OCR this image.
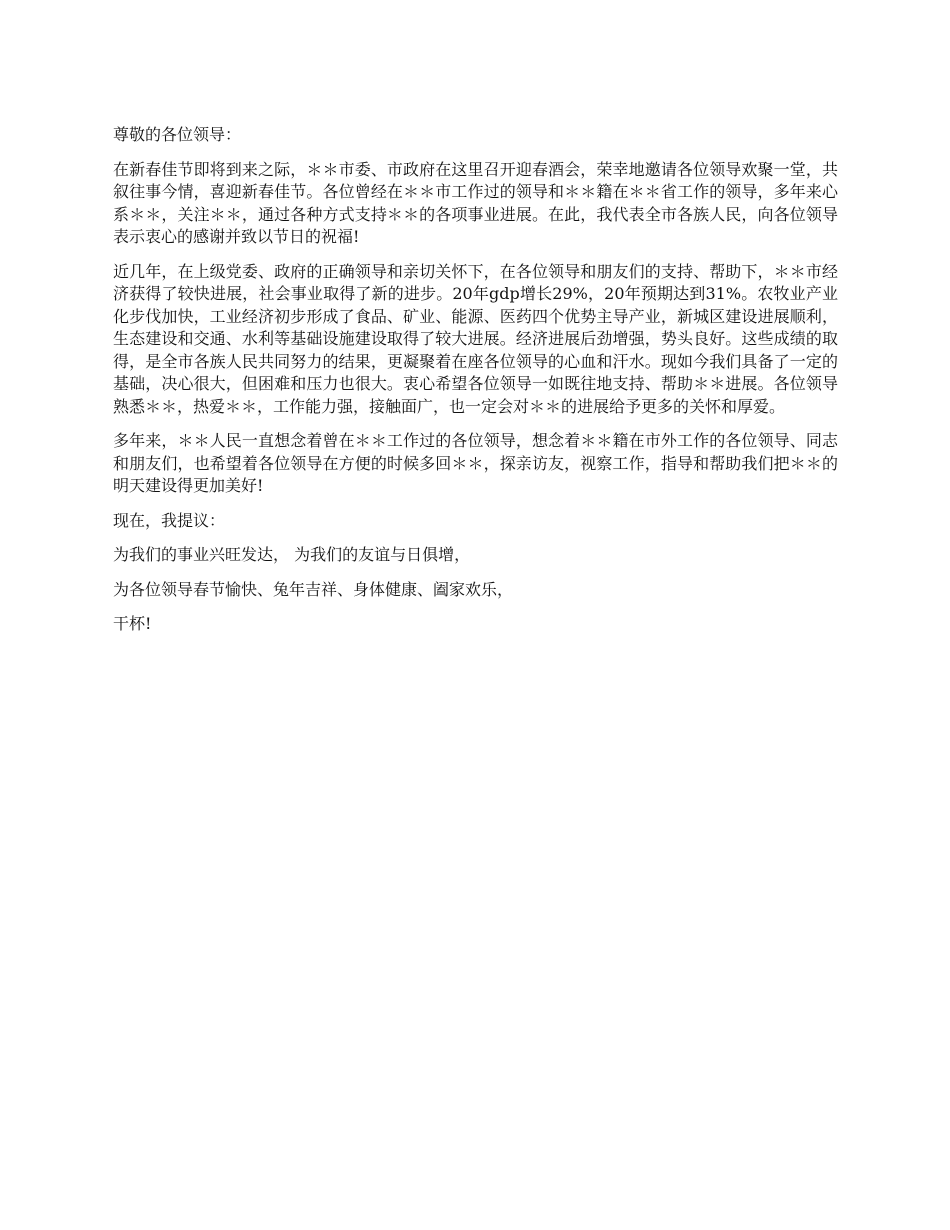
尊敬的各位领导：

在新春佳节即将到来之际，＊＊市委、市政府在这里召开迎春酒会，荣幸地邀请各位领导欢聚一堂，共叙往事今情，喜迎新春佳节。各位曾经在＊＊市工作过的领导和＊＊籍在＊＊省工作的领导，多年来心系＊＊，关注＊＊，通过各种方式支持＊＊的各项事业进展。在此，我代表全市各族人民，向各位领导表示衷心的感谢并致以节日的祝福!

近几年，在上级党委、政府的正确领导和亲切关怀下，在各位领导和朋友们的支持、帮助下，＊＊市经济获得了较快进展，社会事业取得了新的进步。20年gdp增长29%，20年预期达到31%。农牧业产业化步伐加快，工业经济初步形成了食品、矿业、能源、医药四个优势主导产业，新城区建设进展顺利，生态建设和交通、水利等基础设施建设取得了较大进展。经济进展后劲增强，势头良好。这些成绩的取得，是全市各族人民共同努力的结果，更凝聚着在座各位领导的心血和汗水。现如今我们具备了一定的基础，决心很大，但困难和压力也很大。衷心希望各位领导一如既往地支持、帮助＊＊进展。各位领导熟悉＊＊，热爱＊＊，工作能力强，接触面广，也一定会对＊＊的进展给予更多的关怀和厚爱。

多年来，＊＊人民一直想念着曾在＊＊工作过的各位领导，想念着＊＊籍在市外工作的各位领导、同志和朋友们，也希望着各位领导在方便的时候多回＊＊，探亲访友，视察工作，指导和帮助我们把＊＊的明天建设得更加美好!

现在，我提议：

为我们的事业兴旺发达， 为我们的友谊与日俱增，

为各位领导春节愉快、兔年吉祥、身体健康、阖家欢乐，

干杯!
